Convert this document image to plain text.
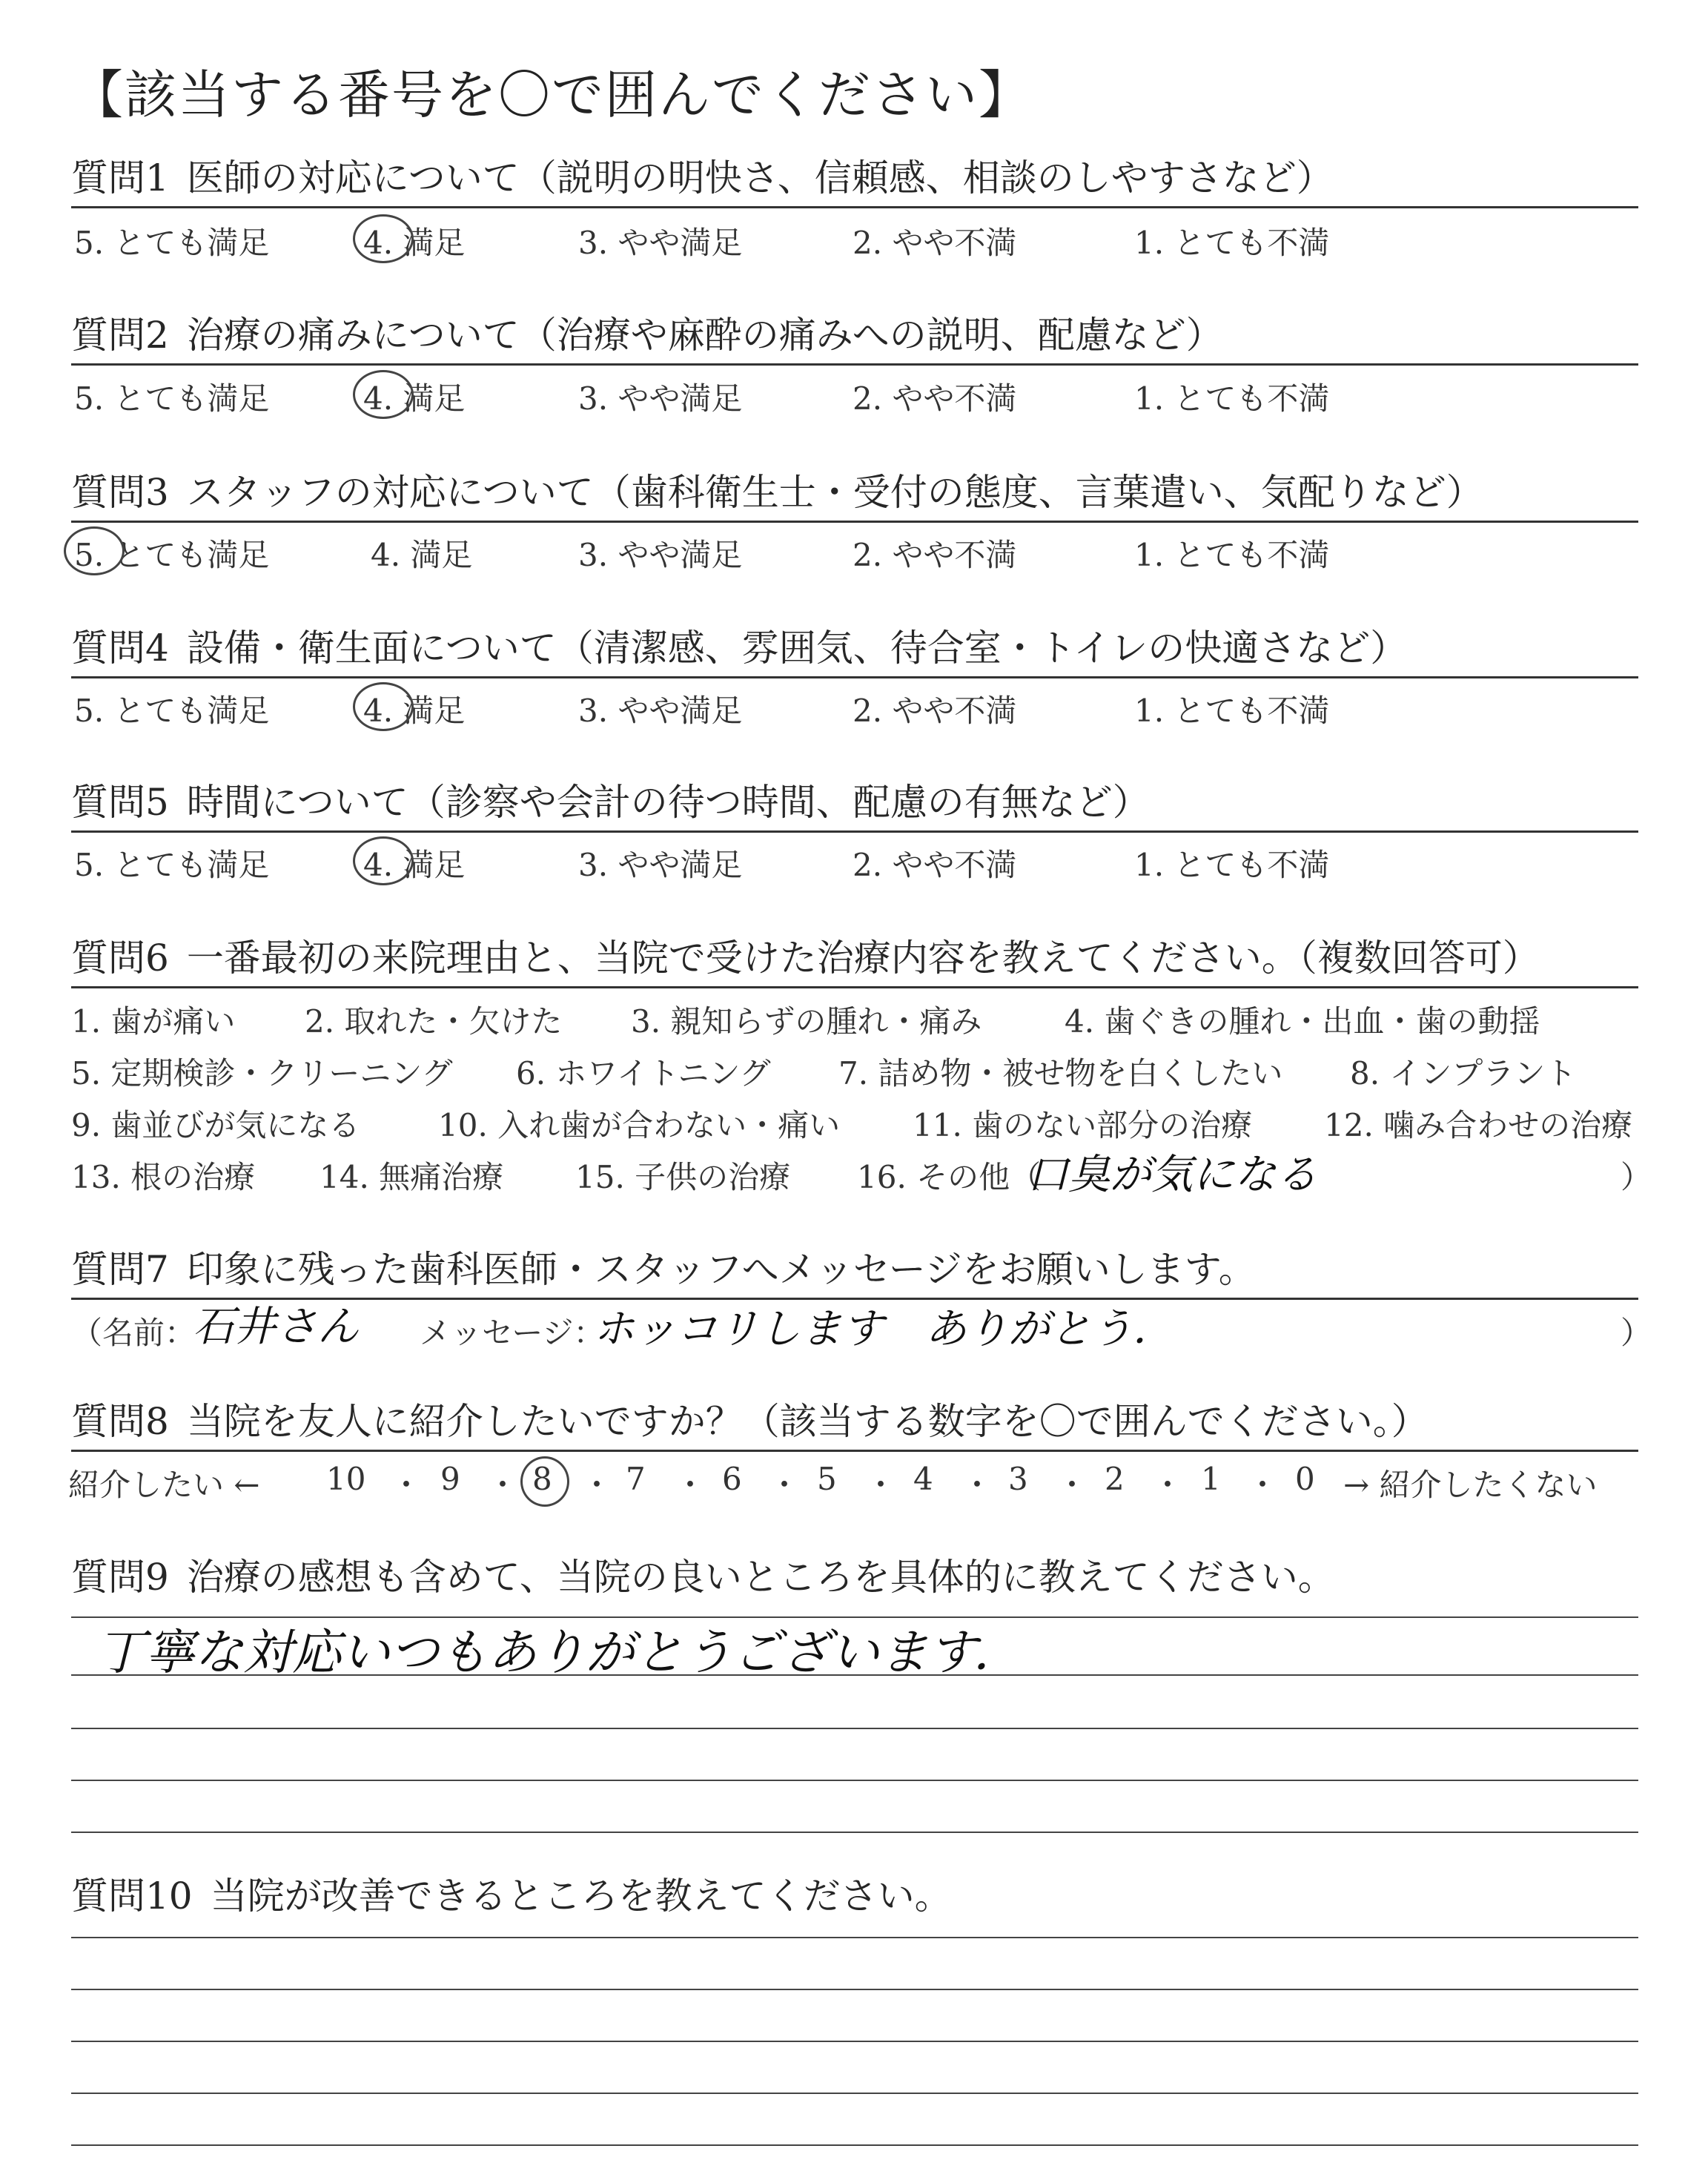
【該当する番号を〇で囲んでください】
質問1 医師の対応について（説明の明快さ、信頼感、相談のしやすさなど）
5. とても満足	4. 満足	3. やや満足	2. やや不満	1. とても不満
質問2 治療の痛みについて（治療や麻酔の痛みへの説明、配慮など）
5. とても満足	4. 満足	3. やや満足	2. やや不満	1. とても不満
質問3 スタッフの対応について（歯科衛生士・受付の態度、言葉遣い、気配りなど）
5. とても満足	4. 満足	3. やや満足	2. やや不満	1. とても不満
質問4 設備・衛生面について（清潔感、雰囲気、待合室・トイレの快適さなど）
5. とても満足	4. 満足	3. やや満足	2. やや不満	1. とても不満
質問5 時間について（診察や会計の待つ時間、配慮の有無など）
5. とても満足	4. 満足	3. やや満足	2. やや不満	1. とても不満
質問6 一番最初の来院理由と、当院で受けた治療内容を教えてください。（複数回答可）
1. 歯が痛い 2. 取れた・欠けた 3. 親知らずの腫れ・痛み	4. 歯ぐきの腫れ・出血・歯の動揺
5. 定期検診・クリーニング 6. ホワイトニング 7. 詰め物・被せ物を白くしたい 8. インプラント
9. 歯並びが気になる	10. 入れ歯が合わない・痛い 11. 歯のない部分の治療 12. 噛み合わせの治療
13. 根の治療 14. 無痛治療 15. 子供の治療 16. その他（	）
口臭が気になる
質問7 印象に残った歯科医師・スタッフへメッセージをお願いします。
（名前：	メッセージ：	）
石井さん	ホッコリします　ありがとう．
質問8 当院を友人に紹介したいですか？（該当する数字を〇で囲んでください。）
紹介したい ← 10 ・ 9 ・ 8 ・ 7 ・ 6 ・ 5 ・ 4 ・ 3 ・ 2 ・ 1 ・ 0 → 紹介したくない
質問9 治療の感想も含めて、当院の良いところを具体的に教えてください。
丁寧な対応いつもありがとうございます．
質問10 当院が改善できるところを教えてください。
